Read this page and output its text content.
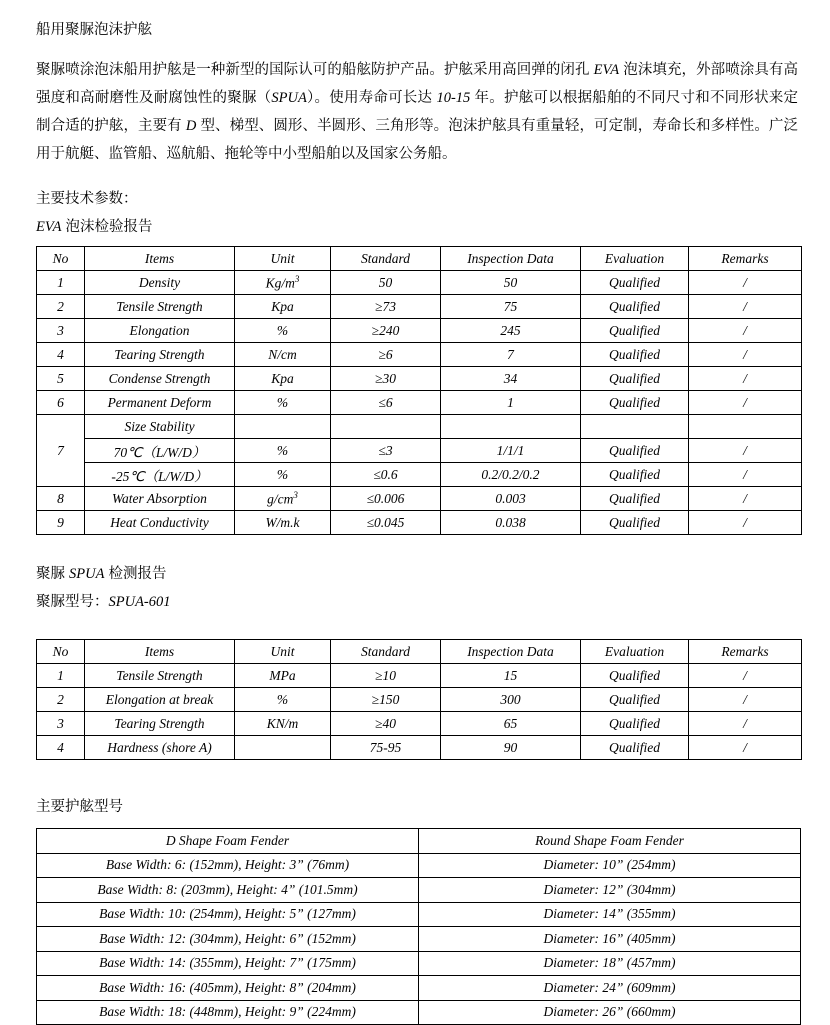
船用聚脲泡沫护舷

聚脲喷涂泡沫船用护舷是一种新型的国际认可的船舷防护产品。护舷采用高回弹的闭孔 EVA 泡沫填充，外部喷涂具有高强度和高耐磨性及耐腐蚀性的聚脲（SPUA）。使用寿命可长达 10-15 年。护舷可以根据船舶的不同尺寸和不同形状来定制合适的护舷，主要有 D 型、梯型、圆形、半圆形、三角形等。泡沫护舷具有重量轻，可定制，寿命长和多样性。广泛用于航艇、监管船、巡航船、拖轮等中小型船舶以及国家公务船。

主要技术参数：
EVA 泡沫检验报告
No	Items	Unit	Standard	Inspection Data	Evaluation	Remarks
1	Density	$Kg/m^3$	50	50	Qualified	/
2	Tensile Strength	Kpa	≥73	75	Qualified	/
3	Elongation	%	≥240	245	Qualified	/
4	Tearing Strength	N/cm	≥6	7	Qualified	/
5	Condense Strength	Kpa	≥30	34	Qualified	/
6	Permanent Deform	%	≤6	1	Qualified	/
7	Size Stability					
	70℃（L/W/D）	%	≤3	1/1/1	Qualified	/
	-25℃（L/W/D）	%	≤0.6	0.2/0.2/0.2	Qualified	/
8	Water Absorption	$g/cm^3$	≤0.006	0.003	Qualified	/
9	Heat Conductivity	W/m.k	≤0.045	0.038	Qualified	/
聚脲 SPUA 检测报告
聚脲型号：SPUA-601
No	Items	Unit	Standard	Inspection Data	Evaluation	Remarks
1	Tensile Strength	MPa	≥10	15	Qualified	/
2	Elongation at break	%	≥150	300	Qualified	/
3	Tearing Strength	KN/m	≥40	65	Qualified	/
4	Hardness (shore A)		75-95	90	Qualified	/
主要护舷型号
D Shape Foam Fender	Round Shape Foam Fender
Base Width: 6: (152mm), Height: 3” (76mm)	Diameter: 10” (254mm)
Base Width: 8: (203mm), Height: 4” (101.5mm)	Diameter: 12” (304mm)
Base Width: 10: (254mm), Height: 5” (127mm)	Diameter: 14” (355mm)
Base Width: 12: (304mm), Height: 6” (152mm)	Diameter: 16” (405mm)
Base Width: 14: (355mm), Height: 7” (175mm)	Diameter: 18” (457mm)
Base Width: 16: (405mm), Height: 8” (204mm)	Diameter: 24” (609mm)
Base Width: 18: (448mm), Height: 9” (224mm)	Diameter: 26” (660mm)
